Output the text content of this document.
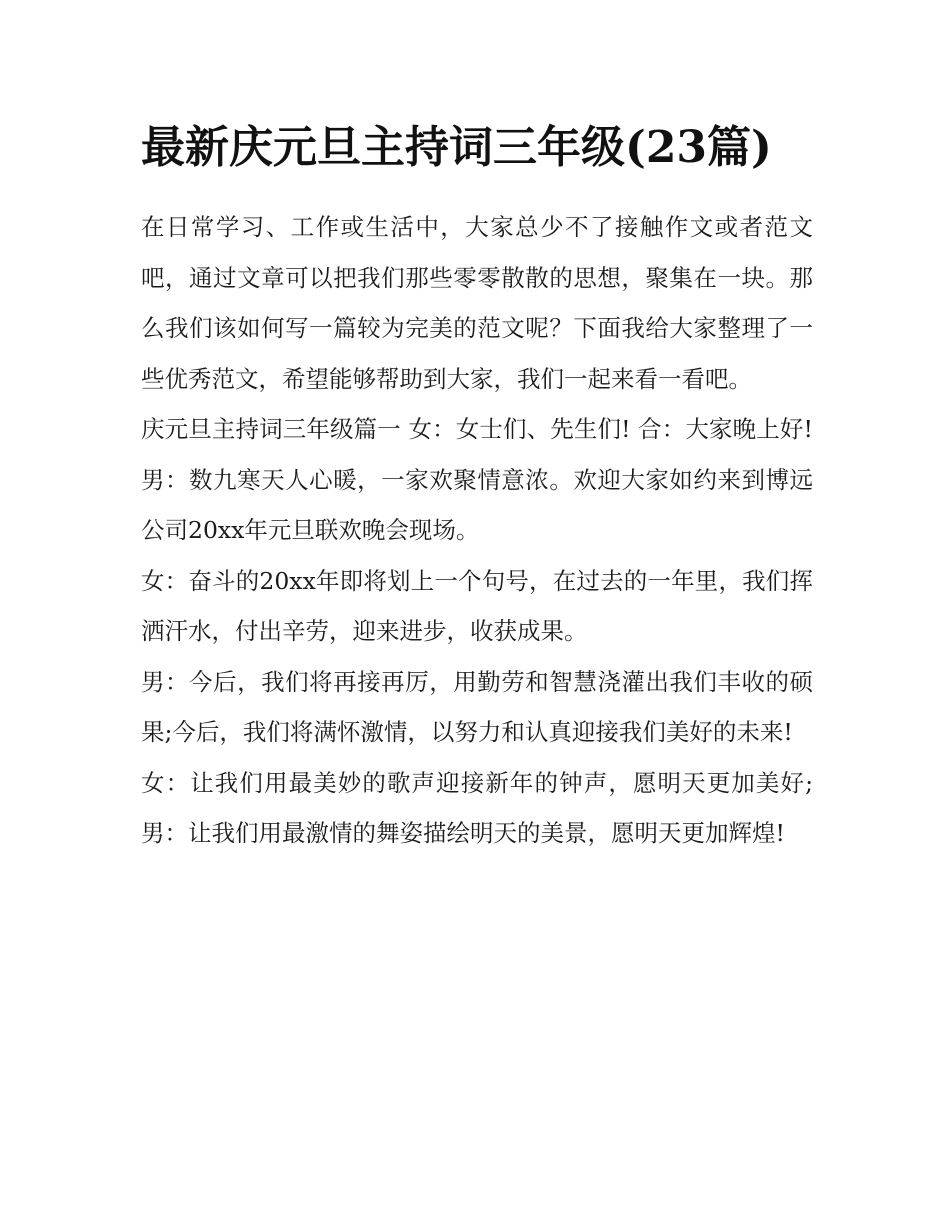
最新庆元旦主持词三年级(23篇)

在日常学习、工作或生活中，大家总少不了接触作文或者范文吧，通过文章可以把我们那些零零散散的思想，聚集在一块。那么我们该如何写一篇较为完美的范文呢？下面我给大家整理了一些优秀范文，希望能够帮助到大家，我们一起来看一看吧。

庆元旦主持词三年级篇一 女：女士们、先生们! 合：大家晚上好! 男：数九寒天人心暖，一家欢聚情意浓。欢迎大家如约来到博远公司20xx年元旦联欢晚会现场。

女：奋斗的20xx年即将划上一个句号，在过去的一年里，我们挥洒汗水，付出辛劳，迎来进步，收获成果。

男：今后，我们将再接再厉，用勤劳和智慧浇灌出我们丰收的硕果;今后，我们将满怀激情，以努力和认真迎接我们美好的未来!

女：让我们用最美妙的歌声迎接新年的钟声，愿明天更加美好; 男：让我们用最激情的舞姿描绘明天的美景，愿明天更加辉煌!
